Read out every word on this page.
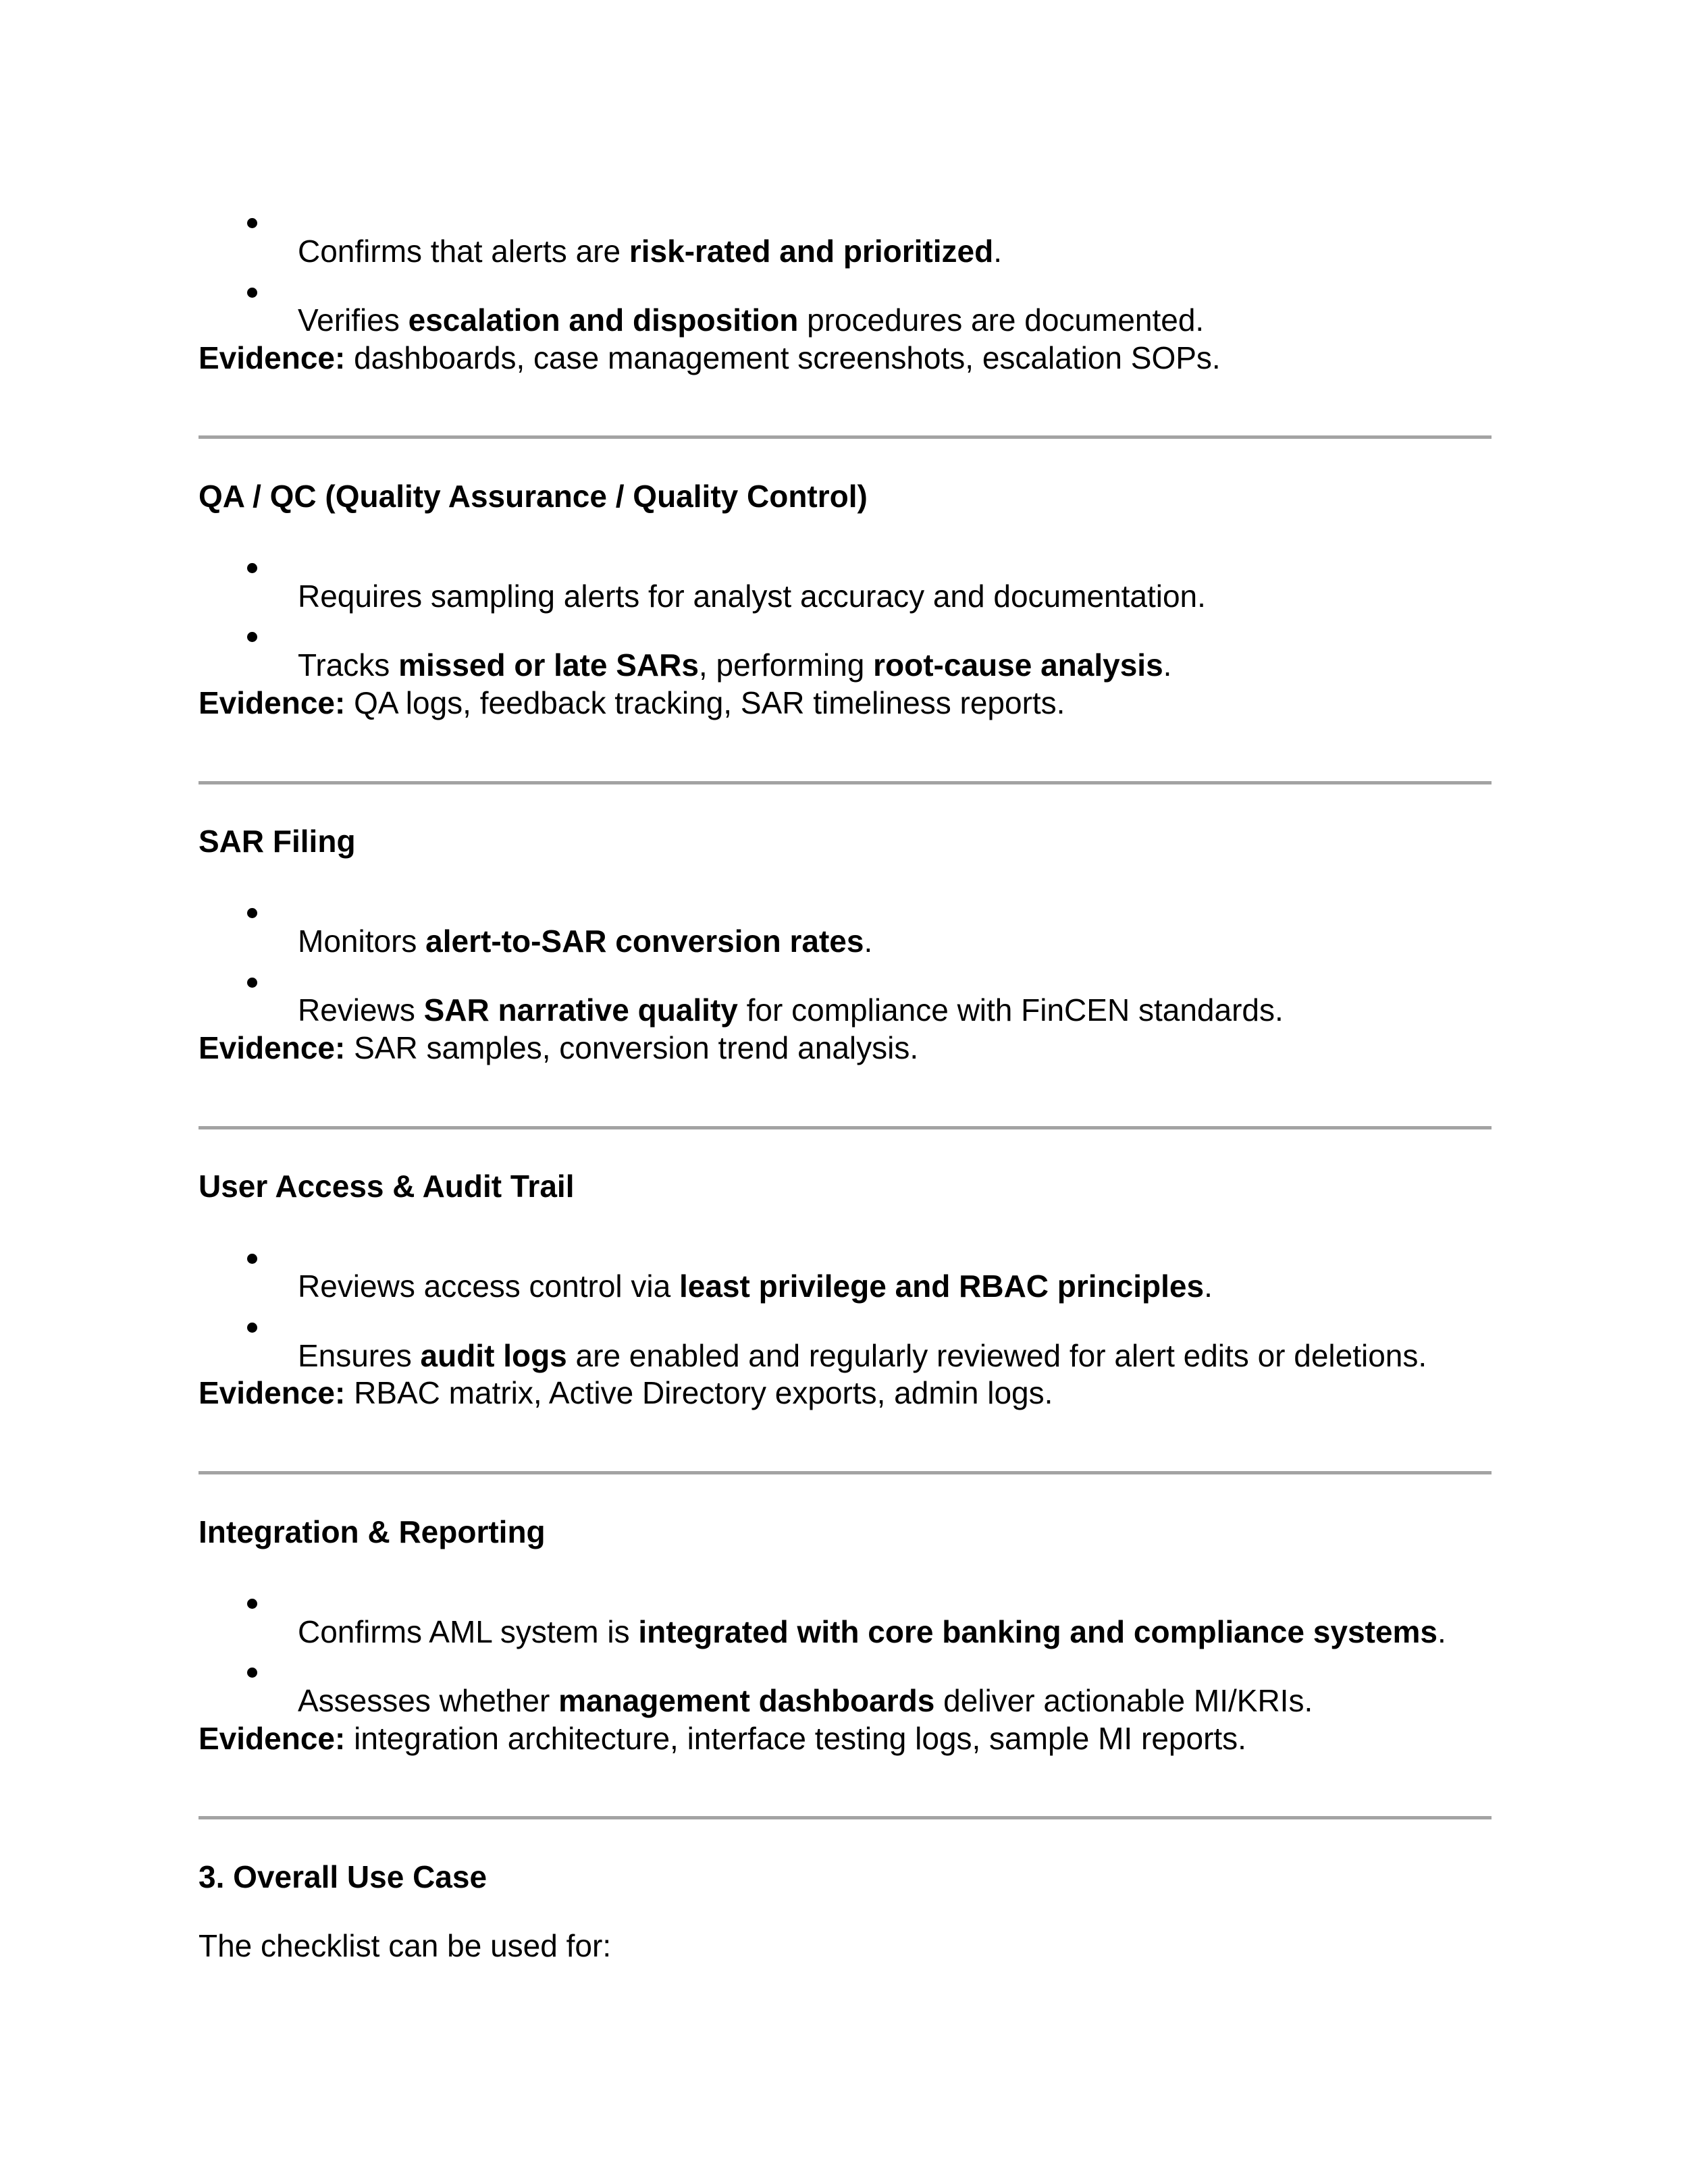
Confirms that alerts are risk-rated and prioritized.

Verifies escalation and disposition procedures are documented.

Evidence: dashboards, case management screenshots, escalation SOPs.

QA / QC (Quality Assurance / Quality Control)

Requires sampling alerts for analyst accuracy and documentation.

Tracks missed or late SARs, performing root-cause analysis.

Evidence: QA logs, feedback tracking, SAR timeliness reports.

SAR Filing

Monitors alert-to-SAR conversion rates.

Reviews SAR narrative quality for compliance with FinCEN standards.

Evidence: SAR samples, conversion trend analysis.

User Access & Audit Trail

Reviews access control via least privilege and RBAC principles.

Ensures audit logs are enabled and regularly reviewed for alert edits or deletions.

Evidence: RBAC matrix, Active Directory exports, admin logs.

Integration & Reporting

Confirms AML system is integrated with core banking and compliance systems.

Assesses whether management dashboards deliver actionable MI/KRIs.

Evidence: integration architecture, interface testing logs, sample MI reports.

3. Overall Use Case

The checklist can be used for:
